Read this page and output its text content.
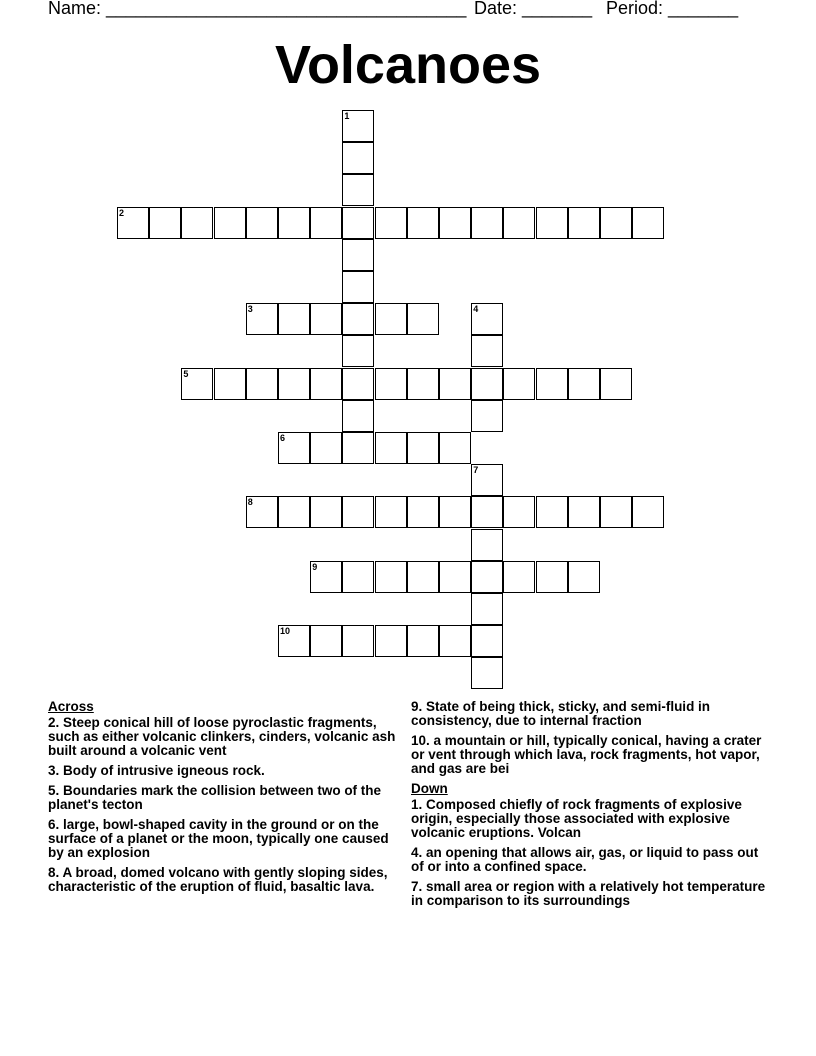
Name: ____________________________________ Date: _______ Period: _______
Volcanoes
1
2
3	4
5
6
7
8
9
10
Across
2. Steep conical hill of loose pyroclastic fragments, such as either volcanic clinkers, cinders, volcanic ash built around a volcanic vent
3. Body of intrusive igneous rock.
5. Boundaries mark the collision between two of the planet's tecton
6. large, bowl-shaped cavity in the ground or on the surface of a planet or the moon, typically one caused by an explosion
8. A broad, domed volcano with gently sloping sides, characteristic of the eruption of fluid, basaltic lava.
9. State of being thick, sticky, and semi-fluid in consistency, due to internal fraction
10. a mountain or hill, typically conical, having a crater or vent through which lava, rock fragments, hot vapor, and gas are bei
Down
1. Composed chiefly of rock fragments of explosive origin, especially those associated with explosive volcanic eruptions. Volcan
4. an opening that allows air, gas, or liquid to pass out of or into a confined space.
7. small area or region with a relatively hot temperature in comparison to its surroundings
